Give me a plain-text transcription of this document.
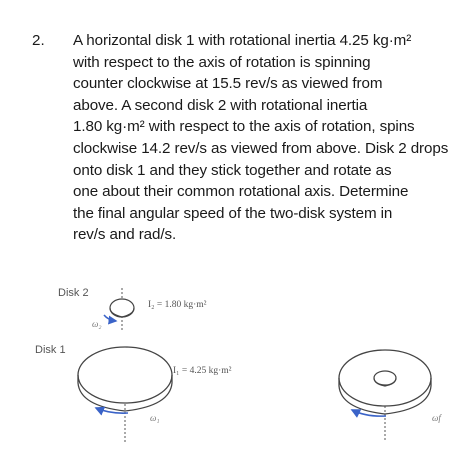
2. A horizontal disk 1 with rotational inertia 4.25 kg·m²
with respect to the axis of rotation is spinning
counter clockwise at 15.5 rev/s as viewed from
above. A second disk 2 with rotational inertia
1.80 kg·m² with respect to the axis of rotation, spins
clockwise 14.2 rev/s as viewed from above. Disk 2 drops
onto disk 1 and they stick together and rotate as
one about their common rotational axis. Determine
the final angular speed of the two-disk system in
rev/s and rad/s.
Disk 2
Disk 1
I₂ = 1.80 kg·m²
I₁ = 4.25 kg·m²
ω₂
ω₁	ωf
